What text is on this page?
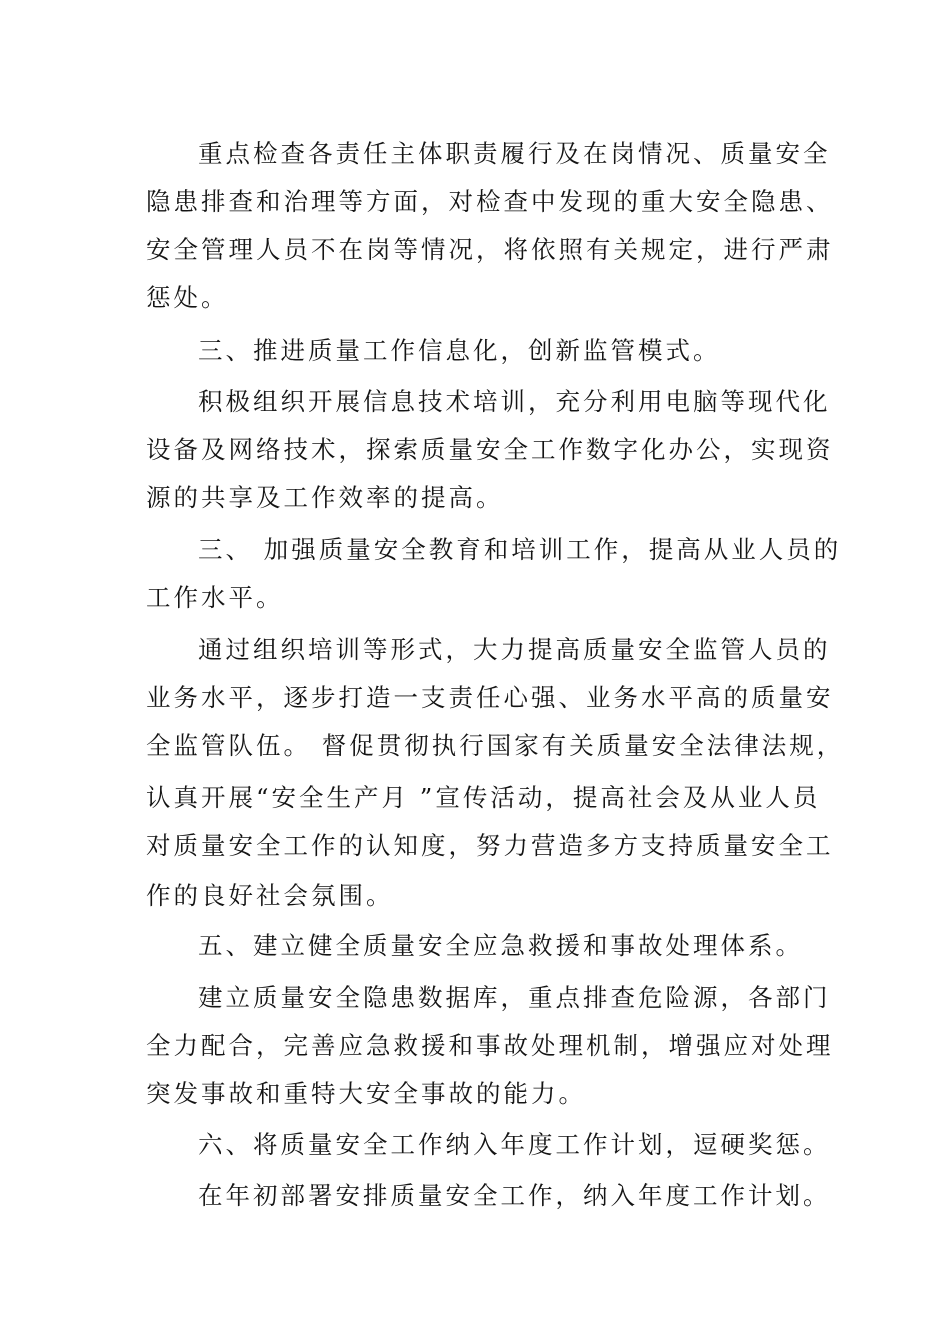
重点检查各责任主体职责履行及在岗情况、质量安全
隐患排查和治理等方面，对检查中发现的重大安全隐患、
安全管理人员不在岗等情况，将依照有关规定，进行严肃
惩处。
三、推进质量工作信息化，创新监管模式。
积极组织开展信息技术培训，充分利用电脑等现代化
设备及网络技术，探索质量安全工作数字化办公，实现资
源的共享及工作效率的提高。
三、 加强质量安全教育和培训工作，提高从业人员的
工作水平。
通过组织培训等形式，大力提高质量安全监管人员的
业务水平，逐步打造一支责任心强、业务水平高的质量安
全监管队伍。 督促贯彻执行国家有关质量安全法律法规，
认真开展“安全生产月 ”宣传活动，提高社会及从业人员
对质量安全工作的认知度，努力营造多方支持质量安全工
作的良好社会氛围。
五、建立健全质量安全应急救援和事故处理体系。
建立质量安全隐患数据库，重点排查危险源，各部门
全力配合，完善应急救援和事故处理机制，增强应对处理
突发事故和重特大安全事故的能力。
六、将质量安全工作纳入年度工作计划，逗硬奖惩。
在年初部署安排质量安全工作，纳入年度工作计划。
